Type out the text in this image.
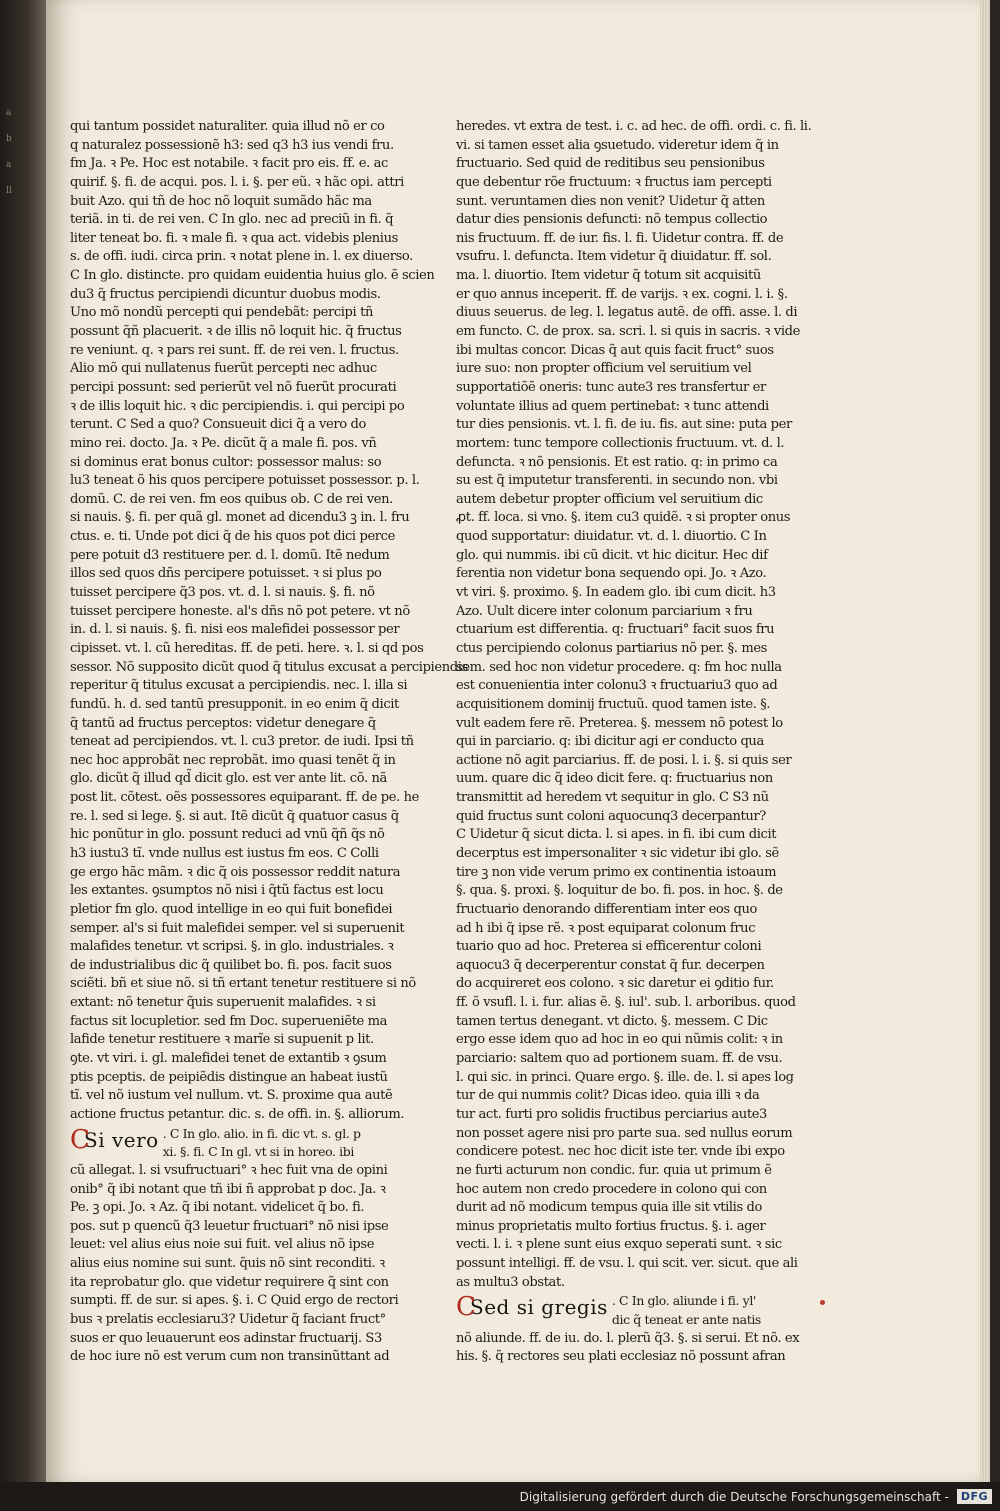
a
b
a
ll
qui tantum possidet naturaliter. quia illud nõ er co
q naturalez possessionẽ h3: sed q3 h3 ius vendi fru.
fm Ja. ꝛ Pe. Hoc est notabile. ꝛ facit pro eis. ff. e. ac
quirif. §. fi. de acqui. pos. l. i. §. per eũ. ꝛ hãc opi. attri
buit Azo. qui tñ de hoc nõ loquit sumãdo hãc ma
teriã. in ti. de rei ven. C In glo. nec ad preciũ in fi. q̃
liter teneat bo. fi. ꝛ male fi. ꝛ qua act. videbis plenius
s. de offi. iudi. circa prin. ꝛ notat plene in. l. ex diuerso.
C In glo. distincte. pro quidam euidentia huius glo. ẽ scien
du3 q̃ fructus percipiendi dicuntur duobus modis.
Uno mõ nondũ percepti qui pendebãt: percipi tñ
possunt q̃ñ placuerit. ꝛ de illis nõ loquit hic. q̃ fructus
re veniunt. q. ꝛ pars rei sunt. ff. de rei ven. l. fructus.
Alio mõ qui nullatenus fuerũt percepti nec adhuc
percipi possunt: sed perierũt vel nõ fuerũt procurati
ꝛ de illis loquit hic. ꝛ dic percipiendis. i. qui percipi po
terunt. C Sed a quo? Consueuit dici q̃ a vero do
mino rei. docto. Ja. ꝛ Pe. dicũt q̃ a male fi. pos. vñ
si dominus erat bonus cultor: possessor malus: so
lu3 teneat õ his quos percipere potuisset possessor. p. l.
domũ. C. de rei ven. fm eos quibus ob. C de rei ven.
si nauis. §. fi. per quã gl. monet ad dicendu3 ꝫ in. l. fru
ctus. e. ti. Unde pot dici q̃ de his quos pot dici perce
pere potuit d3 restituere per. d. l. domũ. Itẽ nedum
illos sed quos dñs percipere potuisset. ꝛ si plus po
tuisset percipere q̃3 pos. vt. d. l. si nauis. §. fi. nõ
tuisset percipere honeste. al's dñs nõ pot petere. vt nõ
in. d. l. si nauis. §. fi. nisi eos malefidei possessor per
cipisset. vt. l. cũ hereditas. ff. de peti. here. ꝛ. l. si qd pos
sessor. Nõ supposito dicũt quod q̃ titulus excusat a percipiendis
reperitur q̃ titulus excusat a percipiendis. nec. l. illa si
fundũ. h. d. sed tantũ presupponit. in eo enim q̃ dicit
q̃ tantũ ad fructus perceptos: videtur denegare q̃
teneat ad percipiendos. vt. l. cu3 pretor. de iudi. Ipsi tñ
nec hoc approbãt nec reprobãt. imo quasi tenẽt q̃ in
glo. dicũt q̃ illud qd̃ dicit glo. est ver ante lit. cõ. nã
post lit. cõtest. oẽs possessores equiparant. ff. de pe. he
re. l. sed si lege. §. si aut. Itẽ dicũt q̃ quatuor casus q̃
hic ponũtur in glo. possunt reduci ad vnũ q̃ñ q̃s nõ
h3 iustu3 tĩ. vnde nullus est iustus fm eos. C Colli
ge ergo hãc mãm. ꝛ dic q̃ ois possessor reddit natura
les extantes. ꝯsumptos nõ nisi i q̃tũ factus est locu
pletior fm glo. quod intellige in eo qui fuit bonefidei
semper. al's si fuit malefidei semper. vel si superuenit
malafides tenetur. vt scripsi. §. in glo. industriales. ꝛ
de industrialibus dic q̃ quilibet bo. fi. pos. facit suos
sciẽti. bñ et siue nõ. si tñ ertant tenetur restituere si nõ
extant: nõ tenetur q̃uis superuenit malafides. ꝛ si
factus sit locupletior. sed fm Doc. superueniẽte ma
lafide tenetur restituere ꝛ marĩe si supuenit p lit.
ꝯte. vt viri. i. gl. malefidei tenet de extantib ꝛ ꝯsum
ptis pceptis. de peipiẽdis distingue an habeat iustũ
tĩ. vel nõ iustum vel nullum. vt. S. proxime qua autẽ
actione fructus petantur. dic. s. de offi. in. §. alliorum.
C
Si vero . C In glo. alio. in fi. dic vt. s. gl. p
xi. §. fi. C In gl. vt si in horeo. ibi
cũ allegat. l. si vsufructuari° ꝛ hec fuit vna de opini
onib° q̃ ibi notant que tñ ibi ñ approbat p doc. Ja. ꝛ
Pe. ꝫ opi. Jo. ꝛ Az. q̃ ibi notant. videlicet q̃ bo. fi.
pos. sut p quencũ q̃3 leuetur fructuari° nõ nisi ipse
leuet: vel alius eius noie sui fuit. vel alius nõ ipse
alius eius nomine sui sunt. q̃uis nõ sint reconditi. ꝛ
ita reprobatur glo. que videtur requirere q̃ sint con
sumpti. ff. de sur. si apes. §. i. C Quid ergo de rectori
bus ꝛ prelatis ecclesiaru3? Uidetur q̃ faciant fruct°
suos er quo leuauerunt eos adinstar fructuarij. S3
de hoc iure nõ est verum cum non transinũttant ad
heredes. vt extra de test. i. c. ad hec. de offi. ordi. c. fi. li.
vi. si tamen esset alia ꝯsuetudo. videretur idem q̃ in
fructuario. Sed quid de reditibus seu pensionibus
que debentur rõe fructuum: ꝛ fructus iam percepti
sunt. veruntamen dies non venit? Uidetur q̃ atten
datur dies pensionis defuncti: nõ tempus collectio
nis fructuum. ff. de iur. fis. l. fi. Uidetur contra. ff. de
vsufru. l. defuncta. Item videtur q̃ diuidatur. ff. sol.
ma. l. diuortio. Item videtur q̃ totum sit acquisitũ
er quo annus inceperit. ff. de varijs. ꝛ ex. cogni. l. i. §.
diuus seuerus. de leg. l. legatus autẽ. de offi. asse. l. di
em functo. C. de prox. sa. scri. l. si quis in sacris. ꝛ vide
ibi multas concor. Dicas q̃ aut quis facit fruct° suos
iure suo: non propter officium vel seruitium vel
supportatiõẽ oneris: tunc aute3 res transfertur er
voluntate illius ad quem pertinebat: ꝛ tunc attendi
tur dies pensionis. vt. l. fi. de iu. fis. aut sine: puta per
mortem: tunc tempore collectionis fructuum. vt. d. l.
defuncta. ꝛ nõ pensionis. Et est ratio. q: in primo ca
su est q̃ imputetur transferenti. in secundo non. vbi
autem debetur propter officium vel seruitium dic
ꝓt. ff. loca. si vno. §. item cu3 quidẽ. ꝛ si propter onus
quod supportatur: diuidatur. vt. d. l. diuortio. C In
glo. qui nummis. ibi cũ dicit. vt hic dicitur. Hec dif
ferentia non videtur bona sequendo opi. Jo. ꝛ Azo.
vt viri. §. proximo. §. In eadem glo. ibi cum dicit. h3
Azo. Uult dicere inter colonum parciarium ꝛ fru
ctuarium est differentia. q: fructuari° facit suos fru
ctus percipiendo colonus partiarius nõ per. §. mes
sem. sed hoc non videtur procedere. q: fm hoc nulla
est conuenientia inter colonu3 ꝛ fructuariu3 quo ad
acquisitionem dominij fructuũ. quod tamen iste. §.
vult eadem fere rẽ. Preterea. §. messem nõ potest lo
qui in parciario. q: ibi dicitur agi er conducto qua
actione nõ agit parciarius. ff. de posi. l. i. §. si quis ser
uum. quare dic q̃ ideo dicit fere. q: fructuarius non
transmittit ad heredem vt sequitur in glo. C S3 nũ
quid fructus sunt coloni aquocunq3 decerpantur?
C Uidetur q̃ sicut dicta. l. si apes. in fi. ibi cum dicit
decerptus est impersonaliter ꝛ sic videtur ibi glo. sẽ
tire ꝫ non vide verum primo ex continentia istoaum
§. qua. §. proxi. §. loquitur de bo. fi. pos. in hoc. §. de
fructuario denorando differentiam inter eos quo
ad h ibi q̃ ipse rẽ. ꝛ post equiparat colonum fruc
tuario quo ad hoc. Preterea si efficerentur coloni
aquocu3 q̃ decerperentur constat q̃ fur. decerpen
do acquireret eos colono. ꝛ sic daretur ei ꝯditio fur.
ff. õ vsufl. l. i. fur. alias ẽ. §. iul'. sub. l. arboribus. quod
tamen tertus denegant. vt dicto. §. messem. C Dic
ergo esse idem quo ad hoc in eo qui nũmis colit: ꝛ in
parciario: saltem quo ad portionem suam. ff. de vsu.
l. qui sic. in princi. Quare ergo. §. ille. de. l. si apes log
tur de qui nummis colit? Dicas ideo. quia illi ꝛ da
tur act. furti pro solidis fructibus perciarius aute3
non posset agere nisi pro parte sua. sed nullus eorum
condicere potest. nec hoc dicit iste ter. vnde ibi expo
ne furti acturum non condic. fur. quia ut primum ẽ
hoc autem non credo procedere in colono qui con
durit ad nõ modicum tempus quia ille sit vtilis do
minus proprietatis multo fortius fructus. §. i. ager
vecti. l. i. ꝛ plene sunt eius exquo seperati sunt. ꝛ sic
possunt intelligi. ff. de vsu. l. qui scit. ver. sicut. que ali
as multu3 obstat.
C
Sed si gregis . C In glo. aliunde i fi. yl'
dic q̃ teneat er ante natis
nõ aliunde. ff. de iu. do. l. plerũ q̃3. §. si serui. Et nõ. ex
his. §. q̃ rectores seu plati ecclesiaz nõ possunt afran
Digitalisierung gefördert durch die Deutsche Forschungsgemeinschaft -	DFG
